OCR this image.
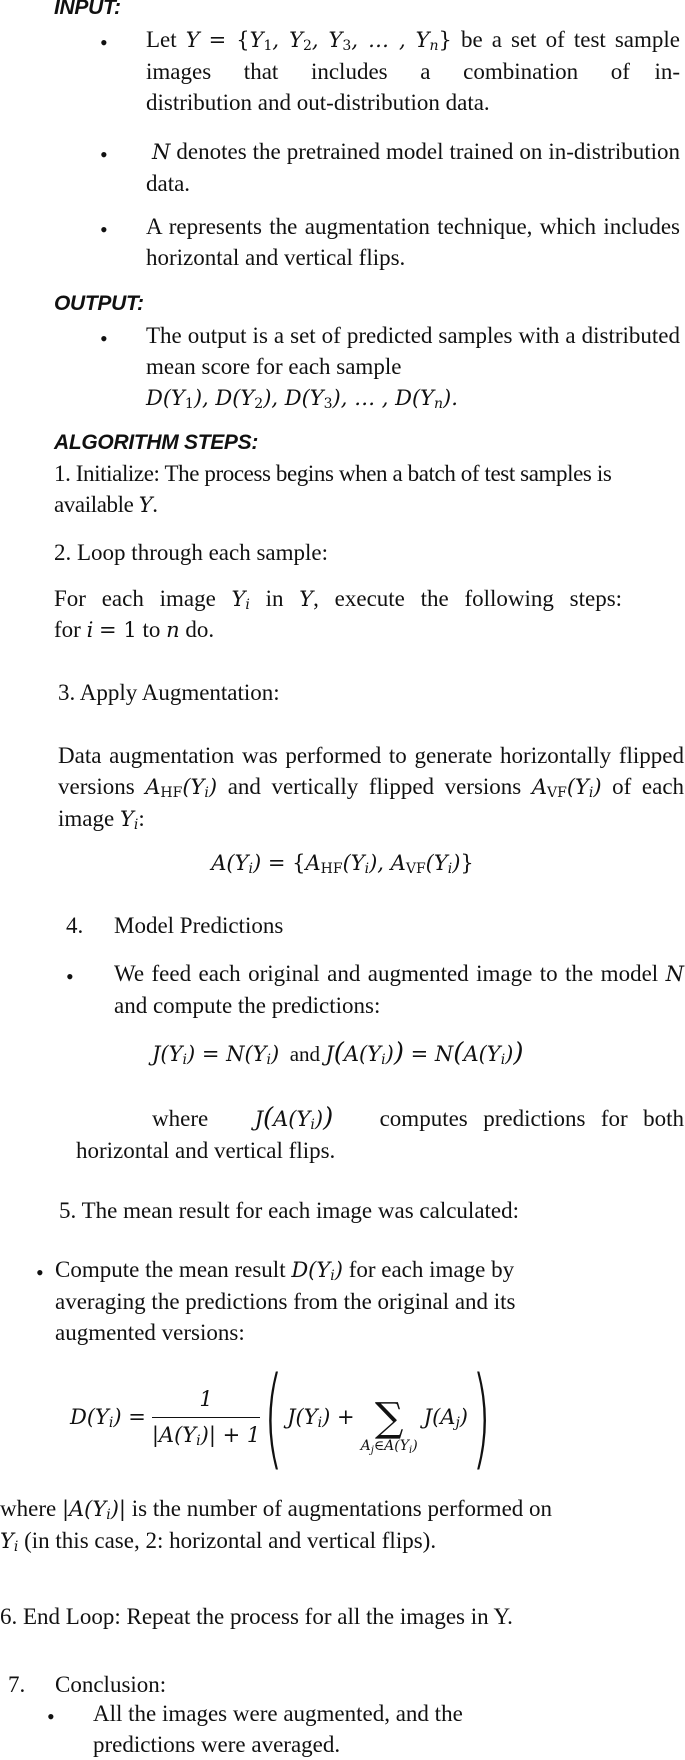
INPUT:
• Let $Y = \{Y_1$, $Y_2$, $Y_3$, … , $Y_n$} be a set of test sample images    that    includes    a    combination    of   in-distribution and out-distribution data.
• N denotes the pretrained model trained on in-distribution data.
• A represents the augmentation technique, which includes horizontal and vertical flips.
OUTPUT:
• The output is a set of predicted samples with a distributed mean score for each sample
$D(Y_1)$, $D(Y_2)$, $D(Y_3)$, … , $D(Y_n)$.
ALGORITHM STEPS:
1. Initialize: The process begins when a batch of test samples is available Y.
2. Loop through each sample:
For each image $Y_i$ in Y, execute the following steps:
for i = 1 to n do.
3. Apply Augmentation:
Data augmentation was performed to generate horizontally flipped versions $A_{HF}(Y_i)$ and vertically flipped versions $A_{VF}(Y_i)$ of each image $Y_i$:
$A(Y_i) = \{A_{HF}(Y_i)$, $A_{VF}(Y_i)$}
4. Model Predictions
• We feed each original and augmented image to the model N and compute the predictions:
$J(Y_i) = N(Y_i)$ and $J(A(Y_i)) = N(A(Y_i))$
where $J(A(Y_i))$ computes predictions for both horizontal and vertical flips.
5. The mean result for each image was calculated:
• Compute the mean result $D(Y_i)$ for each image by averaging the predictions from the original and its augmented versions:
$D(Y_i) = \frac{1}{|A(Y_i)| + 1}$ ( $J(Y_i)$ + ∑
$A_j\in A(Y_i)$
$J(A_j)$ )
where $|A(Y_i)|$ is the number of augmentations performed on
$Y_i$ (in this case, 2: horizontal and vertical flips).
6. End Loop: Repeat the process for all the images in Y.
7. Conclusion:
• All the images were augmented, and the predictions were averaged.
